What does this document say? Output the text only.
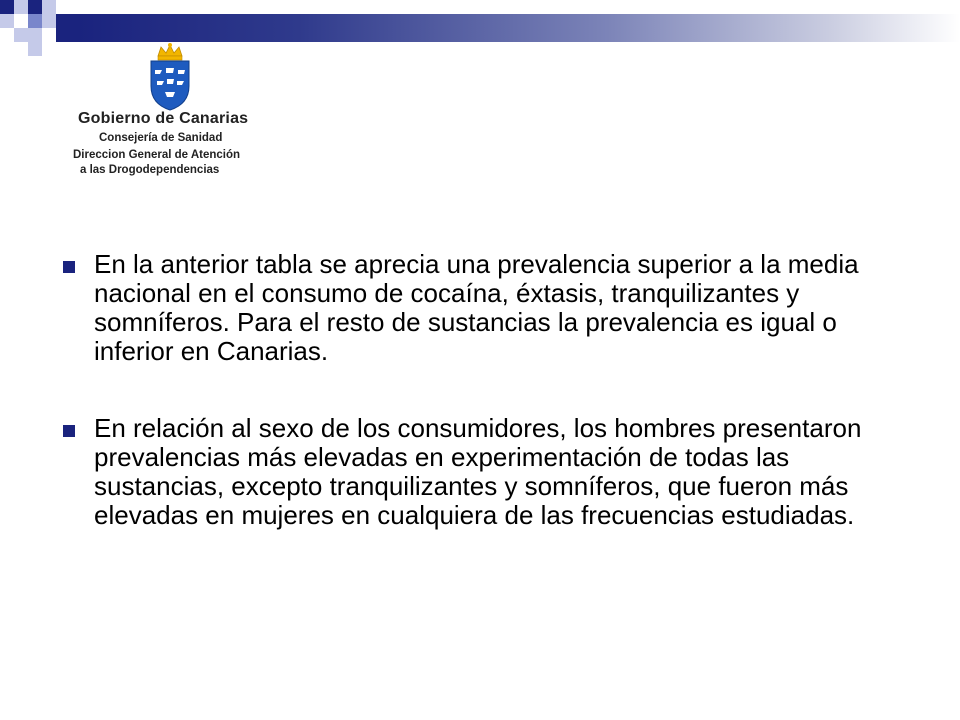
Gobierno de Canarias
Consejería de Sanidad
Direccion General de Atención
a las Drogodependencias
En la anterior tabla se aprecia una prevalencia superior a la media nacional en el consumo de cocaína, éxtasis, tranquilizantes y somníferos. Para el resto de sustancias la prevalencia es igual o inferior en Canarias.
En relación al sexo de los consumidores, los hombres presentaron prevalencias más elevadas en experimentación de todas las sustancias, excepto tranquilizantes y somníferos, que fueron más elevadas en mujeres en cualquiera de las frecuencias estudiadas.
